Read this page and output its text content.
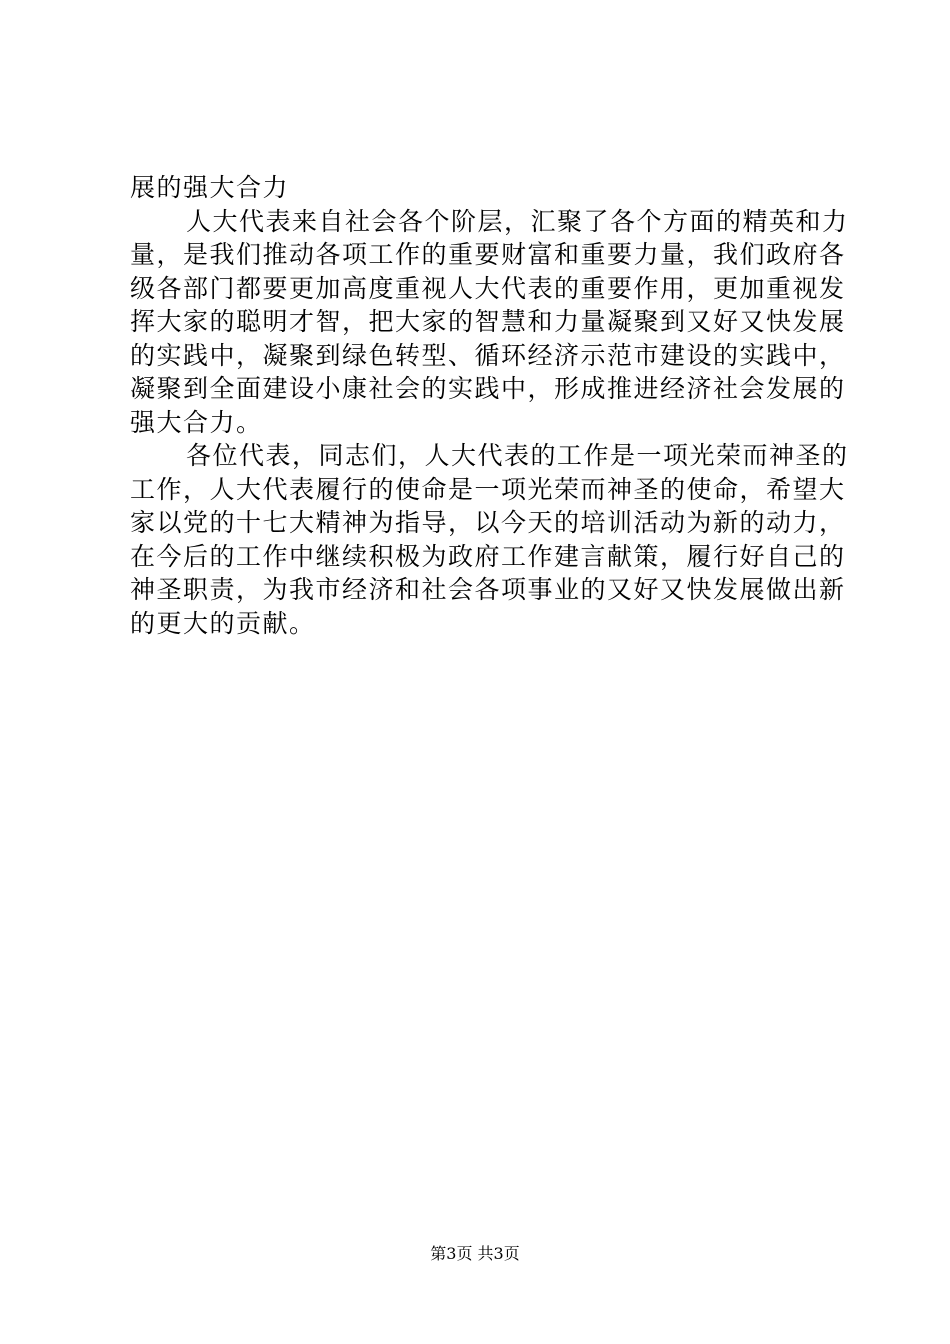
展的强大合力
人大代表来自社会各个阶层，汇聚了各个方面的精英和力
量，是我们推动各项工作的重要财富和重要力量，我们政府各
级各部门都要更加高度重视人大代表的重要作用，更加重视发
挥大家的聪明才智，把大家的智慧和力量凝聚到又好又快发展
的实践中，凝聚到绿色转型、循环经济示范市建设的实践中，
凝聚到全面建设小康社会的实践中，形成推进经济社会发展的
强大合力。
各位代表，同志们，人大代表的工作是一项光荣而神圣的
工作，人大代表履行的使命是一项光荣而神圣的使命，希望大
家以党的十七大精神为指导，以今天的培训活动为新的动力，
在今后的工作中继续积极为政府工作建言献策，履行好自己的
神圣职责，为我市经济和社会各项事业的又好又快发展做出新
的更大的贡献。
第3页 共3页
